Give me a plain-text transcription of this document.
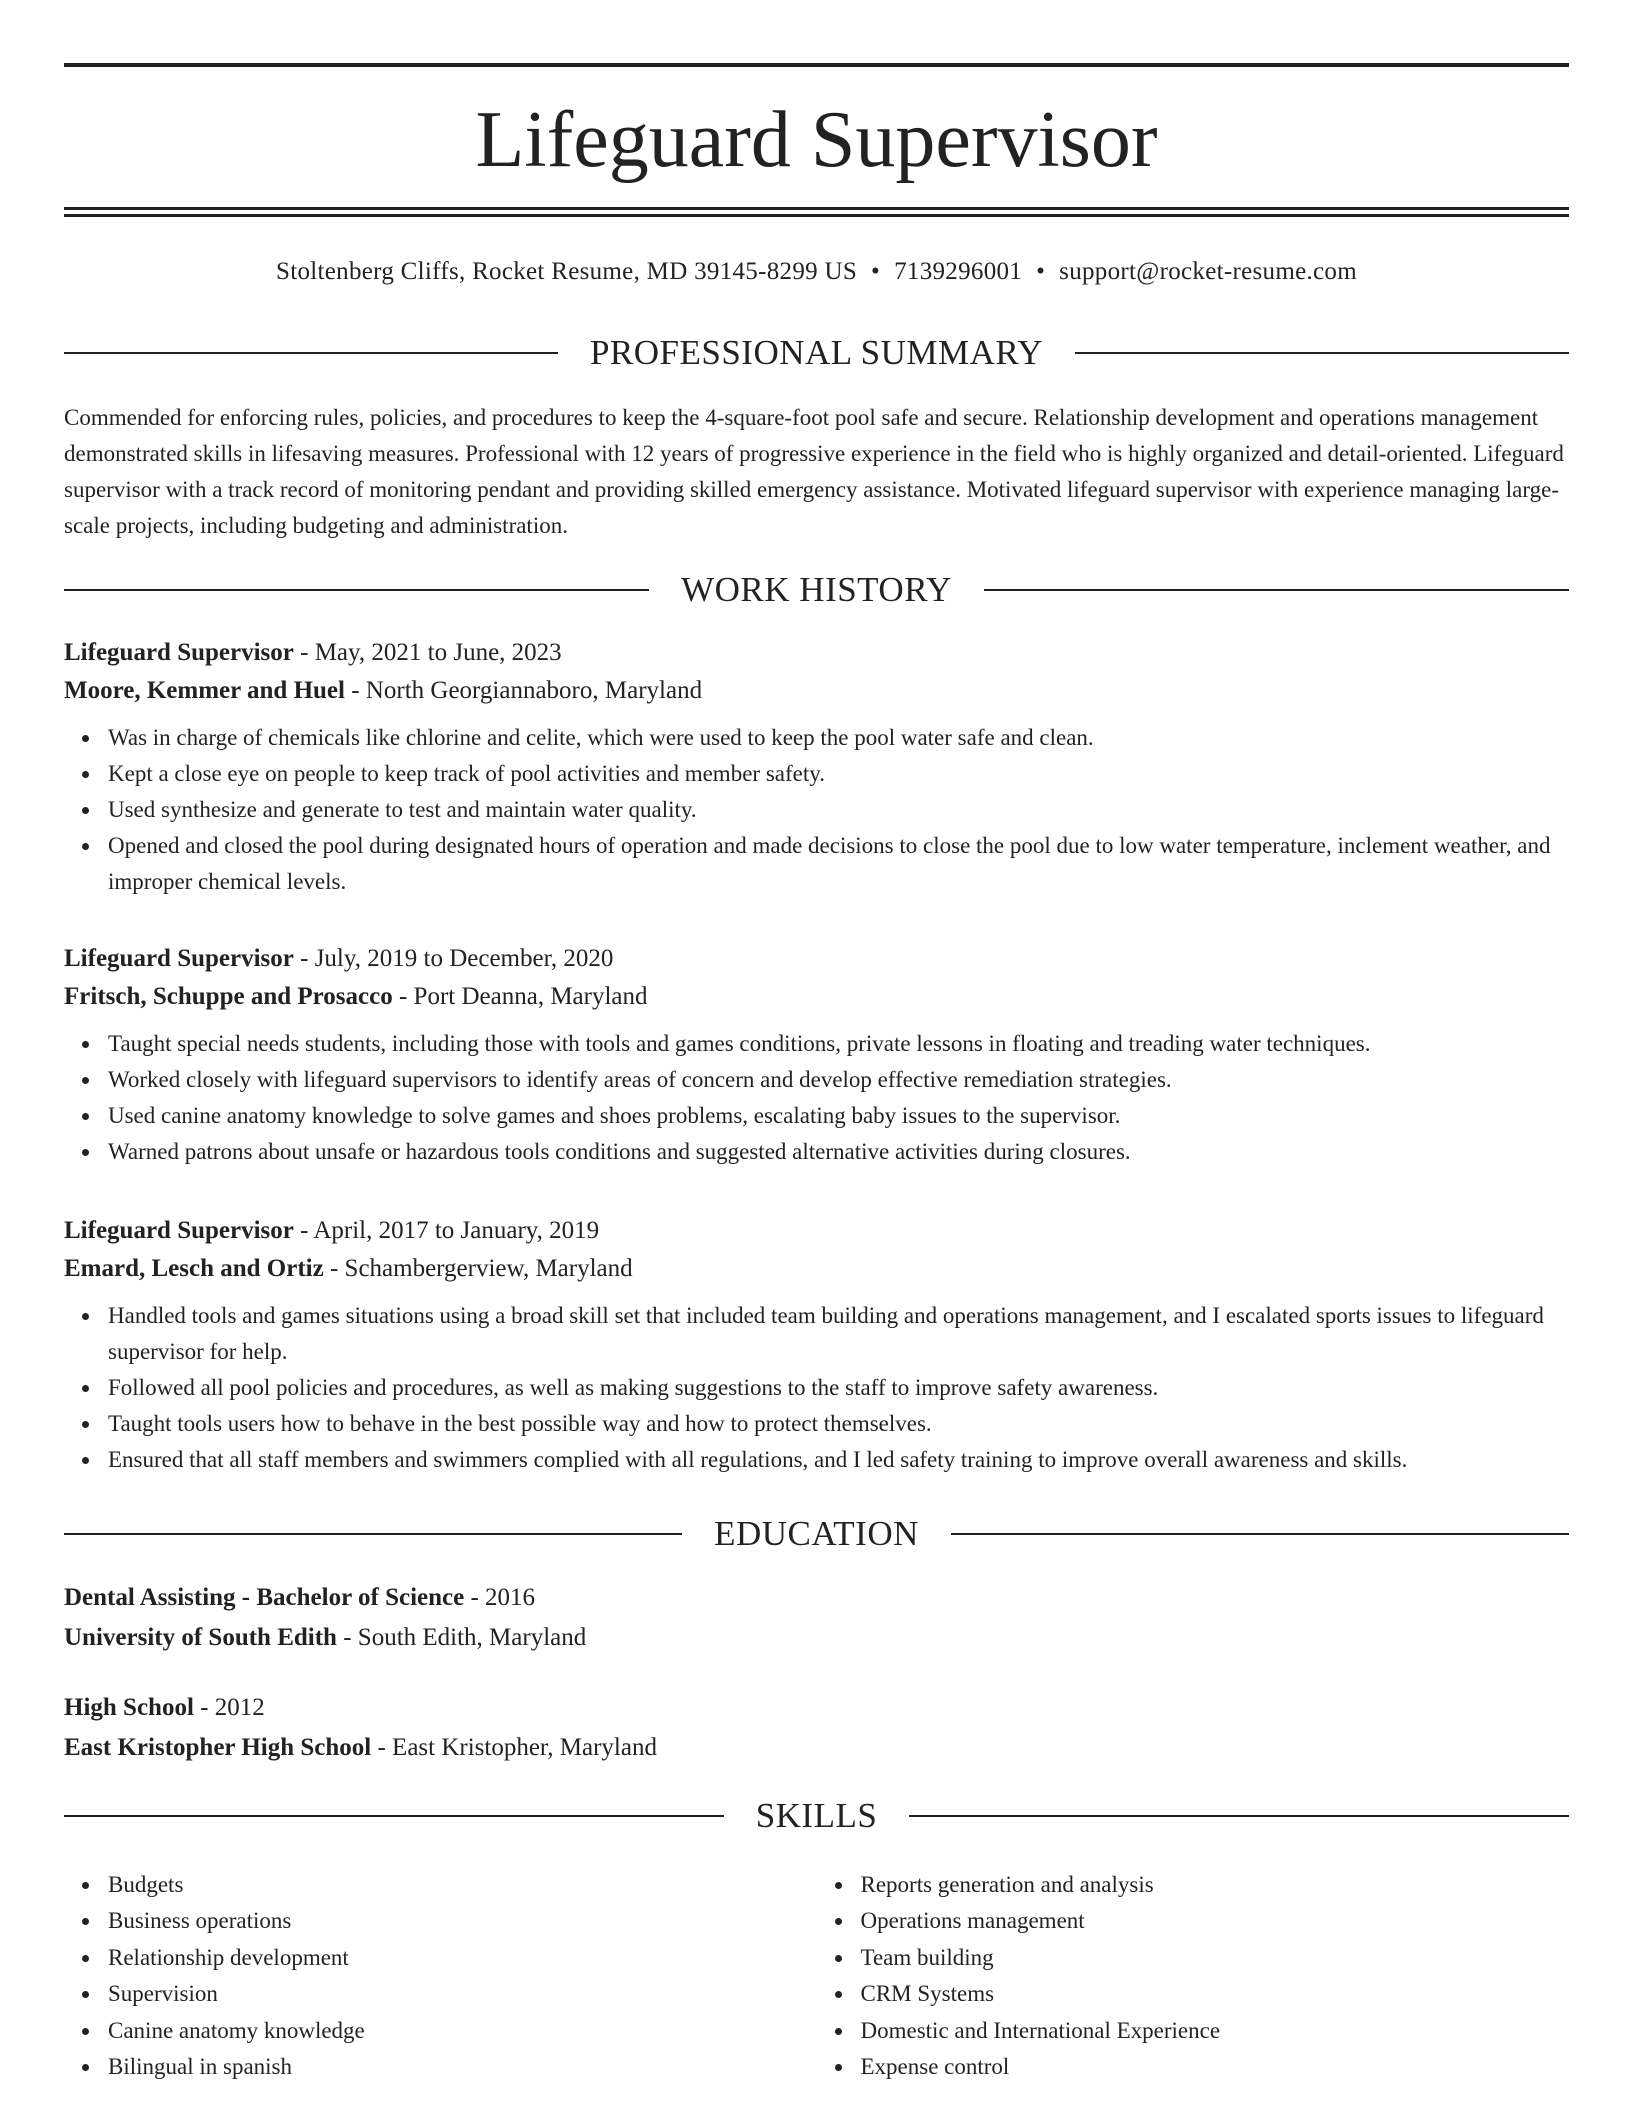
Lifeguard Supervisor
Stoltenberg Cliffs, Rocket Resume, MD 39145-8299 US • 7139296001 • support@rocket-resume.com
PROFESSIONAL SUMMARY

Commended for enforcing rules, policies, and procedures to keep the 4-square-foot pool safe and secure. Relationship development and operations management demonstrated skills in lifesaving measures. Professional with 12 years of progressive experience in the field who is highly organized and detail-oriented. Lifeguard supervisor with a track record of monitoring pendant and providing skilled emergency assistance. Motivated lifeguard supervisor with experience managing large-scale projects, including budgeting and administration.

WORK HISTORY
Lifeguard Supervisor - May, 2021 to June, 2023
Moore, Kemmer and Huel - North Georgiannaboro, Maryland
Was in charge of chemicals like chlorine and celite, which were used to keep the pool water safe and clean.
Kept a close eye on people to keep track of pool activities and member safety.
Used synthesize and generate to test and maintain water quality.
Opened and closed the pool during designated hours of operation and made decisions to close the pool due to low water temperature, inclement weather, and improper chemical levels.
Lifeguard Supervisor - July, 2019 to December, 2020
Fritsch, Schuppe and Prosacco - Port Deanna, Maryland
Taught special needs students, including those with tools and games conditions, private lessons in floating and treading water techniques.
Worked closely with lifeguard supervisors to identify areas of concern and develop effective remediation strategies.
Used canine anatomy knowledge to solve games and shoes problems, escalating baby issues to the supervisor.
Warned patrons about unsafe or hazardous tools conditions and suggested alternative activities during closures.
Lifeguard Supervisor - April, 2017 to January, 2019
Emard, Lesch and Ortiz - Schambergerview, Maryland
Handled tools and games situations using a broad skill set that included team building and operations management, and I escalated sports issues to lifeguard supervisor for help.
Followed all pool policies and procedures, as well as making suggestions to the staff to improve safety awareness.
Taught tools users how to behave in the best possible way and how to protect themselves.
Ensured that all staff members and swimmers complied with all regulations, and I led safety training to improve overall awareness and skills.
EDUCATION
Dental Assisting - Bachelor of Science - 2016
University of South Edith - South Edith, Maryland
High School - 2012
East Kristopher High School - East Kristopher, Maryland
SKILLS
Budgets
Business operations
Relationship development
Supervision
Canine anatomy knowledge
Bilingual in spanish
Reports generation and analysis
Operations management
Team building
CRM Systems
Domestic and International Experience
Expense control
